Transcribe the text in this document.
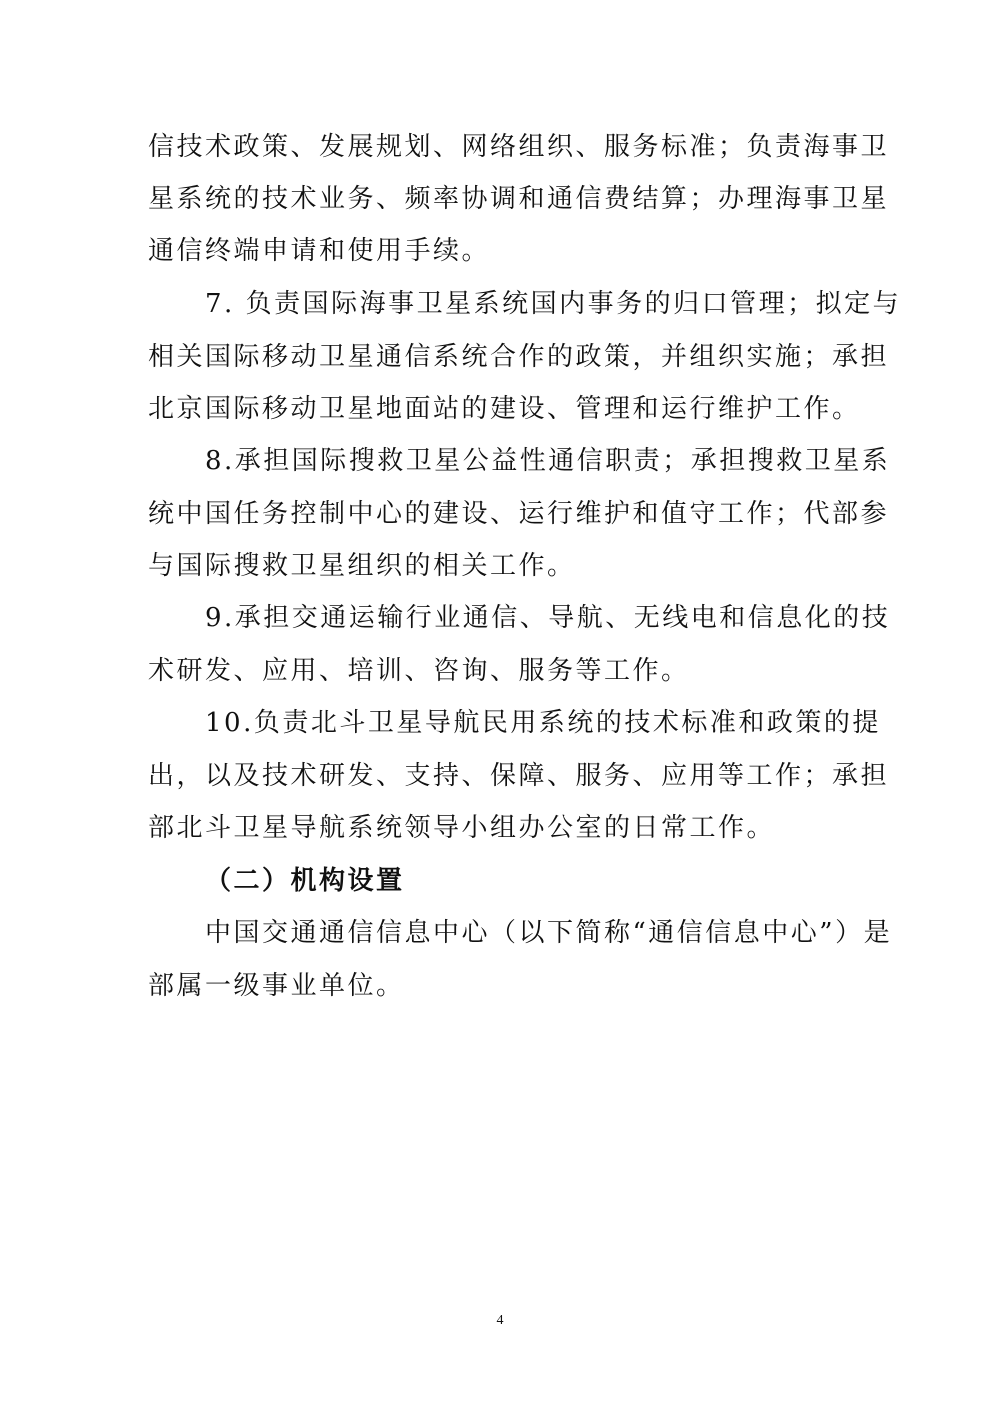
信技术政策、发展规划、网络组织、服务标准；负责海事卫
星系统的技术业务、频率协调和通信费结算；办理海事卫星
通信终端申请和使用手续。
7. 负责国际海事卫星系统国内事务的归口管理；拟定与
相关国际移动卫星通信系统合作的政策，并组织实施；承担
北京国际移动卫星地面站的建设、管理和运行维护工作。
8.承担国际搜救卫星公益性通信职责；承担搜救卫星系
统中国任务控制中心的建设、运行维护和值守工作；代部参
与国际搜救卫星组织的相关工作。
9.承担交通运输行业通信、导航、无线电和信息化的技
术研发、应用、培训、咨询、服务等工作。
10.负责北斗卫星导航民用系统的技术标准和政策的提
出，以及技术研发、支持、保障、服务、应用等工作；承担
部北斗卫星导航系统领导小组办公室的日常工作。
（二）机构设置
中国交通通信信息中心（以下简称“通信信息中心”）是
部属一级事业单位。
4
